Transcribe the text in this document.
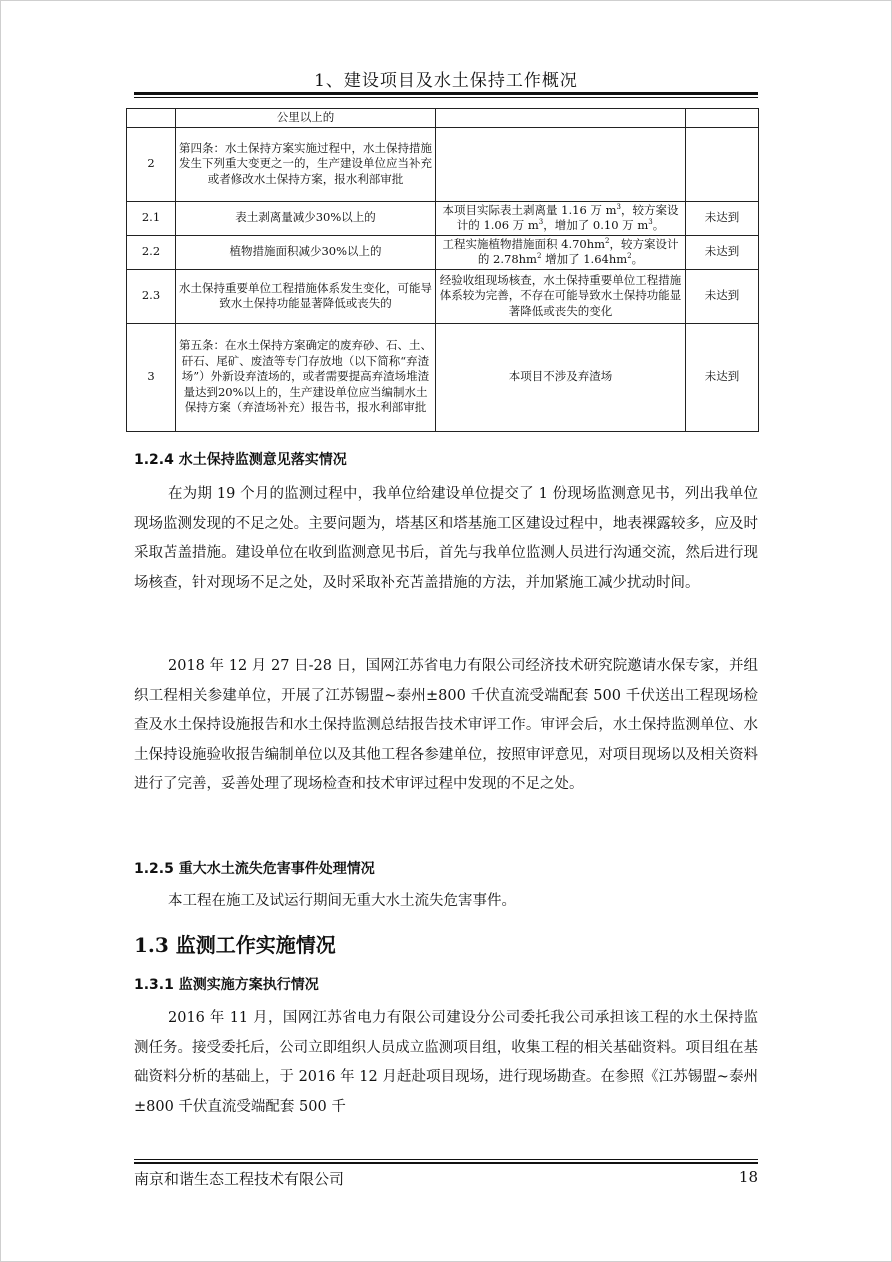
1、建设项目及水土保持工作概况
	公里以上的		
2	第四条：水土保持方案实施过程中，水土保持措施发生下列重大变更之一的，生产建设单位应当补充或者修改水土保持方案，报水利部审批		
2.1	表土剥离量减少30%以上的	本项目实际表土剥离量 1.16 万 $m^3$，较方案设计的 1.06 万 $m^3$，增加了 0.10 万 $m^3$。	未达到
2.2	植物措施面积减少30%以上的	工程实施植物措施面积 $4.70hm^2$，较方案设计的 $2.78hm^2$ 增加了 $1.64hm^2$。	未达到
2.3	水土保持重要单位工程措施体系发生变化，可能导致水土保持功能显著降低或丧失的	经验收组现场核查，水土保持重要单位工程措施体系较为完善，不存在可能导致水土保持功能显著降低或丧失的变化	未达到
3	第五条：在水土保持方案确定的废弃砂、石、土、矸石、尾矿、废渣等专门存放地（以下简称“弃渣场”）外新设弃渣场的，或者需要提高弃渣场堆渣量达到20%以上的，生产建设单位应当编制水土保持方案（弃渣场补充）报告书，报水利部审批	本项目不涉及弃渣场	未达到
1.2.4 水土保持监测意见落实情况

在为期 19 个月的监测过程中，我单位给建设单位提交了 1 份现场监测意见书，列出我单位现场监测发现的不足之处。主要问题为，塔基区和塔基施工区建设过程中，地表裸露较多，应及时采取苫盖措施。建设单位在收到监测意见书后，首先与我单位监测人员进行沟通交流，然后进行现场核查，针对现场不足之处，及时采取补充苫盖措施的方法，并加紧施工减少扰动时间。

2018 年 12 月 27 日-28 日，国网江苏省电力有限公司经济技术研究院邀请水保专家，并组织工程相关参建单位，开展了江苏锡盟~泰州±800 千伏直流受端配套 500 千伏送出工程现场检查及水土保持设施报告和水土保持监测总结报告技术审评工作。审评会后，水土保持监测单位、水土保持设施验收报告编制单位以及其他工程各参建单位，按照审评意见，对项目现场以及相关资料进行了完善，妥善处理了现场检查和技术审评过程中发现的不足之处。

1.2.5 重大水土流失危害事件处理情况

本工程在施工及试运行期间无重大水土流失危害事件。

1.3 监测工作实施情况
1.3.1 监测实施方案执行情况

2016 年 11 月，国网江苏省电力有限公司建设分公司委托我公司承担该工程的水土保持监测任务。接受委托后，公司立即组织人员成立监测项目组，收集工程的相关基础资料。项目组在基础资料分析的基础上，于 2016 年 12 月赶赴项目现场，进行现场勘查。在参照《江苏锡盟~泰州±800 千伏直流受端配套 500 千

南京和谐生态工程技术有限公司	18
